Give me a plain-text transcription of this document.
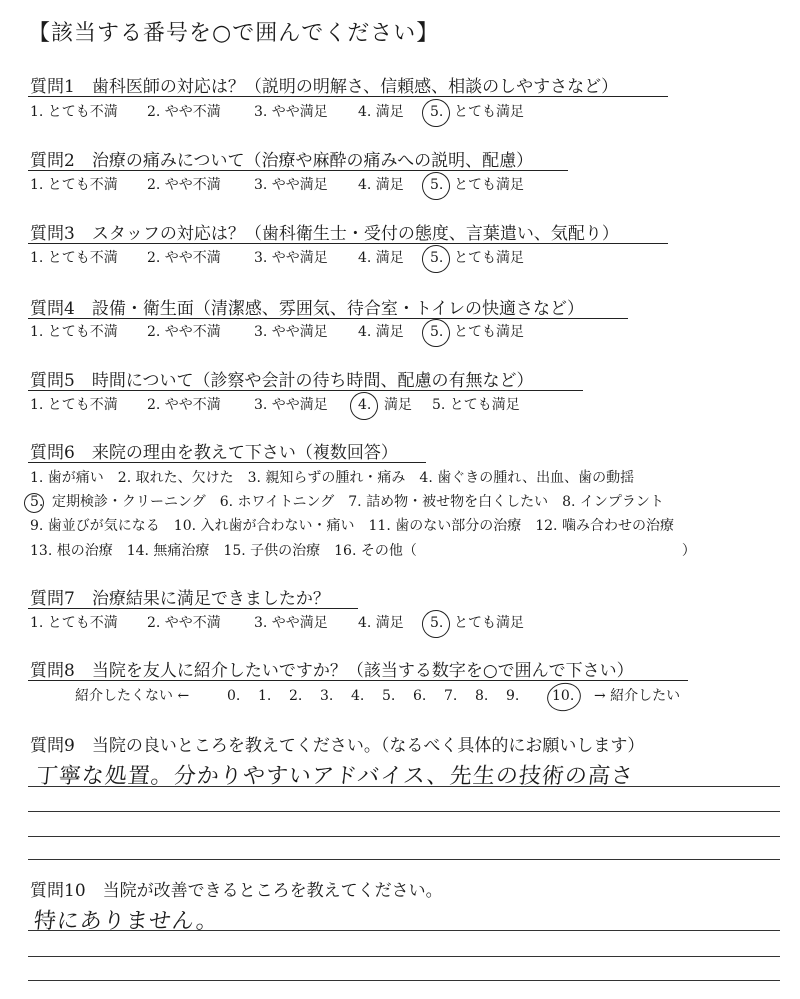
【該当する番号を○で囲んでください】
質問1　歯科医師の対応は？（説明の明解さ、信頼感、相談のしやすさなど）
1. とても不満 2. やや不満 3. やや満足 4. 満足 5. とても満足
質問2　治療の痛みについて（治療や麻酔の痛みへの説明、配慮）
1. とても不満 2. やや不満 3. やや満足 4. 満足 5. とても満足
質問3　スタッフの対応は？（歯科衛生士・受付の態度、言葉遣い、気配り）
1. とても不満 2. やや不満 3. やや満足 4. 満足 5. とても満足
質問4　設備・衛生面（清潔感、雰囲気、待合室・トイレの快適さなど）
1. とても不満 2. やや不満 3. やや満足 4. 満足 5. とても満足
質問5　時間について（診察や会計の待ち時間、配慮の有無など）
1. とても不満 2. やや不満 3. やや満足 4. 満足 5. とても満足
質問6　来院の理由を教えて下さい（複数回答）
1. 歯が痛い　2. 取れた、欠けた　3. 親知らずの腫れ・痛み　4. 歯ぐきの腫れ、出血、歯の動揺
5. 定期検診・クリーニング　6. ホワイトニング　7. 詰め物・被せ物を白くしたい　8. インプラント
9. 歯並びが気になる　10. 入れ歯が合わない・痛い　11. 歯のない部分の治療　12. 噛み合わせの治療
13. 根の治療　14. 無痛治療　15. 子供の治療　16. その他（	）
質問7　治療結果に満足できましたか？
1. とても不満 2. やや不満 3. やや満足 4. 満足 5. とても満足
質問8　当院を友人に紹介したいですか？（該当する数字を○で囲んで下さい）
紹介したくない ←	0. 1. 2. 3. 4. 5. 6. 7. 8. 9. 10. → 紹介したい
質問9　当院の良いところを教えてください。（なるべく具体的にお願いします）
丁寧な処置。分かりやすいアドバイス、先生の技術の高さ
質問10　当院が改善できるところを教えてください。
特にありません。
